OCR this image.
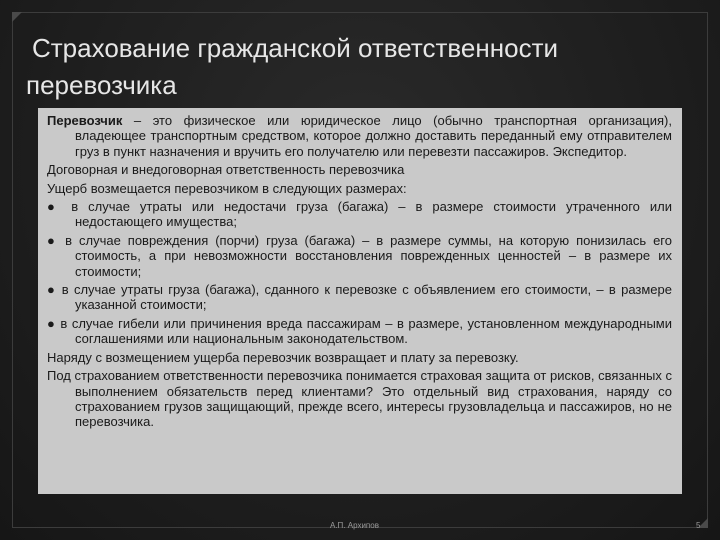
Страхование гражданской ответственности
перевозчика

Перевозчик – это физическое или юридическое лицо (обычно транспортная организация), владеющее транспортным средством, которое должно доставить переданный ему отправителем груз в пункт назначения и вручить его получателю или перевезти пассажиров. Экспедитор.

Договорная и внедоговорная ответственность перевозчика

Ущерб возмещается перевозчиком в следующих размерах:

● в случае утраты или недостачи груза (багажа) – в размере стоимости утраченного или недостающего имущества;

● в случае повреждения (порчи) груза (багажа) – в размере суммы, на которую понизилась его стоимость, а при невозможности восстановления поврежденных ценностей – в размере их стоимости;

● в случае утраты груза (багажа), сданного к перевозке с объявлением его стоимости, – в размере указанной стоимости;

● в случае гибели или причинения вреда пассажирам – в размере, установленном международными соглашениями или национальным законодательством.

Наряду с возмещением ущерба перевозчик возвращает и плату за перевозку.

Под страхованием ответственности перевозчика понимается страховая защита от рисков, связанных с выполнением обязательств перед клиентами? Это отдельный вид страхования, наряду со страхованием грузов защищающий, прежде всего, интересы грузовладельца и пассажиров, но не перевозчика.

А.П. Архипов	5
